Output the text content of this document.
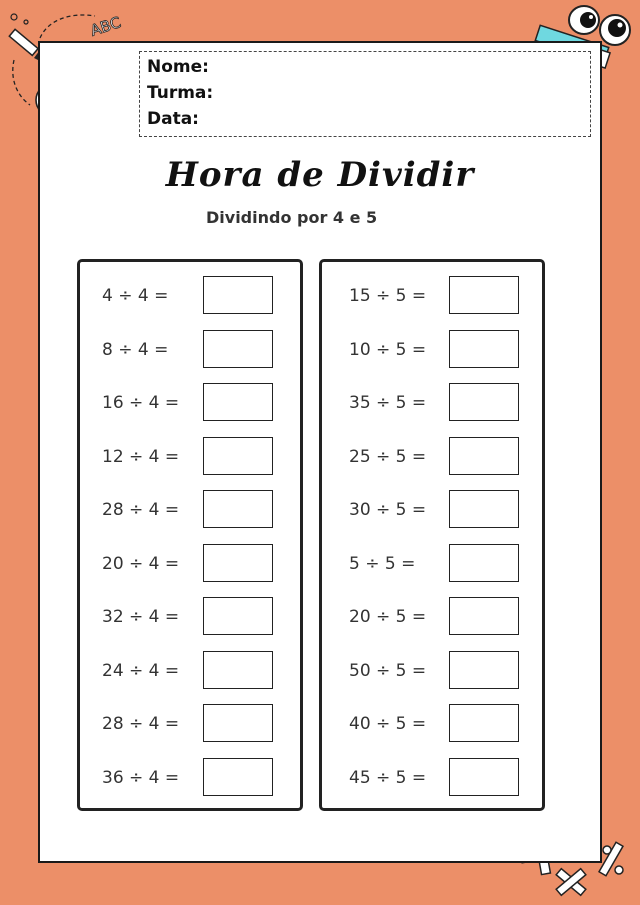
ABC
Nome:
Turma:
Data:
Hora de Dividir
Dividindo por 4 e 5
4 ÷ 4 =
8 ÷ 4 =
16 ÷ 4 =
12 ÷ 4 =
28 ÷ 4 =
20 ÷ 4 =
32 ÷ 4 =
24 ÷ 4 =
28 ÷ 4 =
36 ÷ 4 =
15 ÷ 5 =
10 ÷ 5 =
35 ÷ 5 =
25 ÷ 5 =
30 ÷ 5 =
5 ÷ 5 =
20 ÷ 5 =
50 ÷ 5 =
40 ÷ 5 =
45 ÷ 5 =
